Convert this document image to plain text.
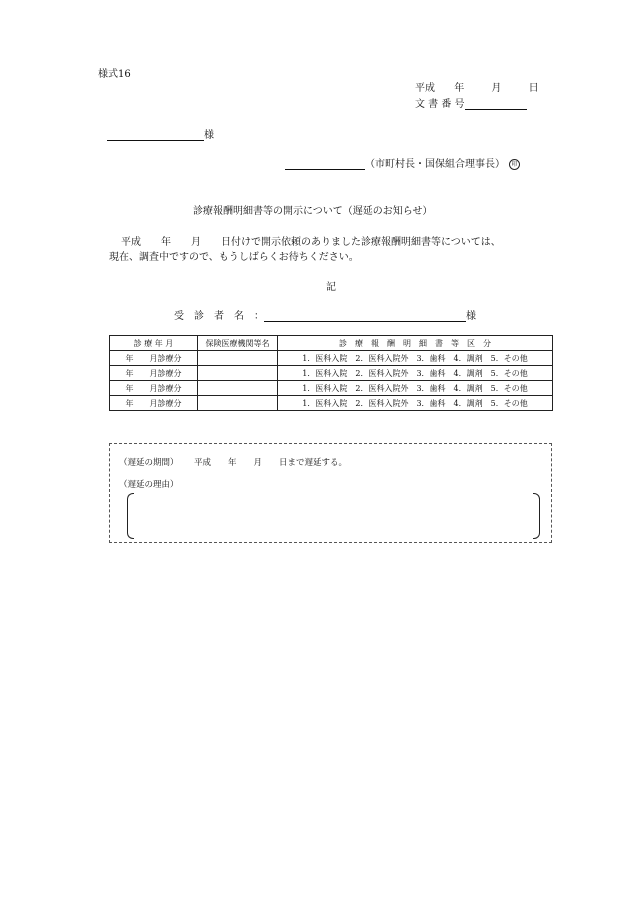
様式16
平成 年	月	日
文 書 番 号
様
（市町村長・国保組合理事長） 印
診療報酬明細書等の開示について（遅延のお知らせ）
平成　　年　　月　　日付けで開示依頼のありました診療報酬明細書等については、
現在、調査中ですので、もうしばらくお待ちください。
記
受　診　者　名　：	様
診 療 年 月	保険医療機関等名	診　療　報　酬　明　細　書　等　区　分
年　　月診療分		1．医科入院　2．医科入院外　3．歯科　4．調剤　5．その他
年　　月診療分		1．医科入院　2．医科入院外　3．歯科　4．調剤　5．その他
年　　月診療分		1．医科入院　2．医科入院外　3．歯科　4．調剤　5．その他
年　　月診療分		1．医科入院　2．医科入院外　3．歯科　4．調剤　5．その他
（遅延の期間） 平成　　年　　月　　日まで遅延する。
（遅延の理由）
